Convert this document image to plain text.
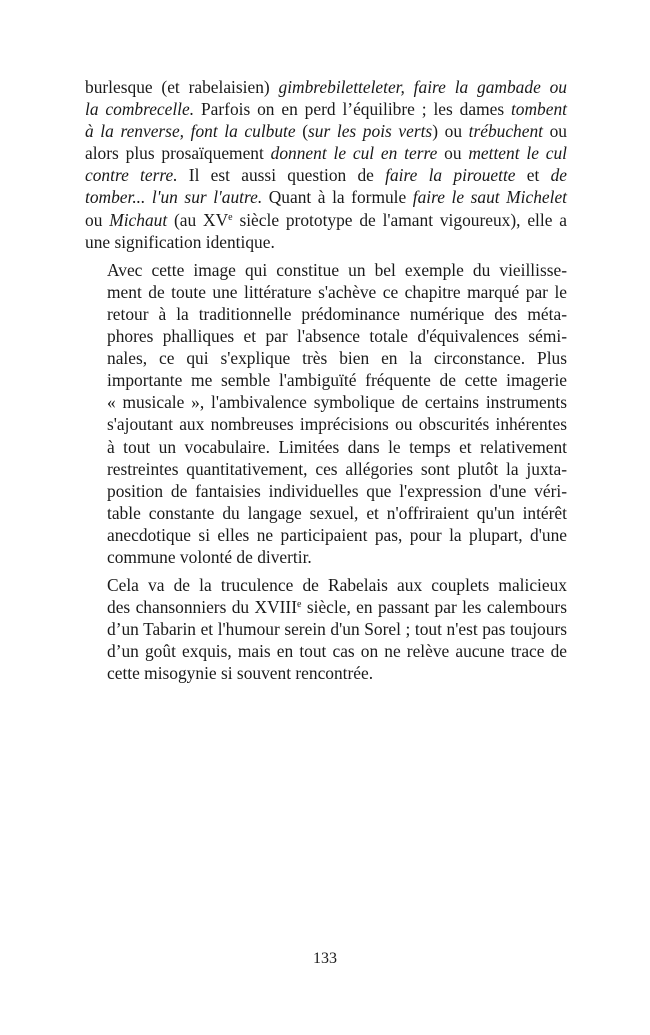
burlesque (et rabelaisien) gimbrebiletteleter, faire la gambade ou
la combrecelle. Parfois on en perd l’équilibre ; les dames tombent
à la renverse, font la culbute (sur les pois verts) ou trébuchent ou
alors plus prosaïquement donnent le cul en terre ou mettent le cul
contre terre. Il est aussi question de faire la pirouette et de
tomber... l'un sur l'autre. Quant à la formule faire le saut Michelet
ou Michaut (au XVe siècle prototype de l'amant vigoureux), elle a
une signification identique.

Avec cette image qui constitue un bel exemple du vieillisse-
ment de toute une littérature s'achève ce chapitre marqué par le
retour à la traditionnelle prédominance numérique des méta-
phores phalliques et par l'absence totale d'équivalences sémi-
nales, ce qui s'explique très bien en la circonstance. Plus
importante me semble l'ambiguïté fréquente de cette imagerie
« musicale », l'ambivalence symbolique de certains instruments
s'ajoutant aux nombreuses imprécisions ou obscurités inhérentes
à tout un vocabulaire. Limitées dans le temps et relativement
restreintes quantitativement, ces allégories sont plutôt la juxta-
position de fantaisies individuelles que l'expression d'une véri-
table constante du langage sexuel, et n'offriraient qu'un intérêt
anecdotique si elles ne participaient pas, pour la plupart, d'une
commune volonté de divertir.

Cela va de la truculence de Rabelais aux couplets malicieux
des chansonniers du XVIIIe siècle, en passant par les calembours
d’un Tabarin et l'humour serein d'un Sorel ; tout n'est pas toujours
d’un goût exquis, mais en tout cas on ne relève aucune trace de
cette misogynie si souvent rencontrée.

133
